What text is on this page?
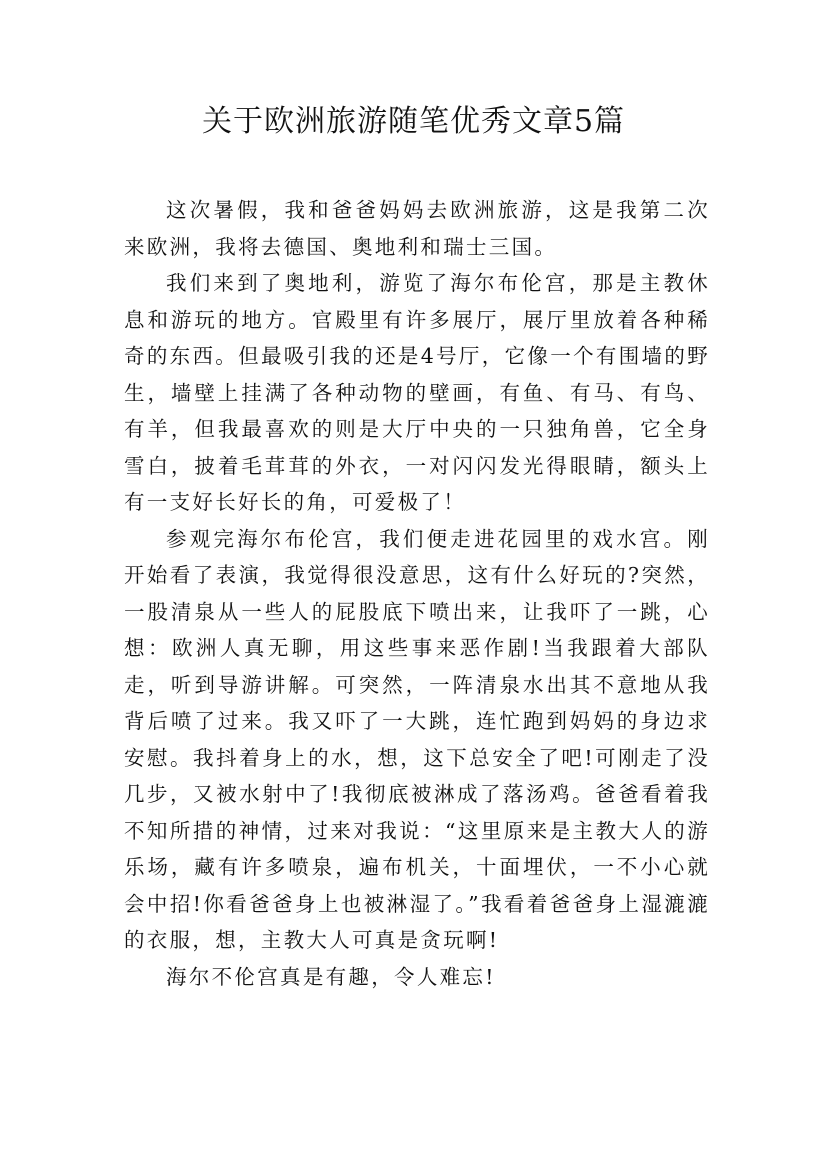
关于欧洲旅游随笔优秀文章5篇

这次暑假，我和爸爸妈妈去欧洲旅游，这是我第二次来欧洲，我将去德国、奥地利和瑞士三国。

我们来到了奥地利，游览了海尔布伦宫，那是主教休息和游玩的地方。官殿里有许多展厅，展厅里放着各种稀奇的东西。但最吸引我的还是4号厅，它像一个有围墙的野生，墙壁上挂满了各种动物的壁画，有鱼、有马、有鸟、有羊，但我最喜欢的则是大厅中央的一只独角兽，它全身雪白，披着毛茸茸的外衣，一对闪闪发光得眼睛，额头上有一支好长好长的角，可爱极了！

参观完海尔布伦宫，我们便走进花园里的戏水宫。刚开始看了表演，我觉得很没意思，这有什么好玩的?突然，一股清泉从一些人的屁股底下喷出来，让我吓了一跳，心想：欧洲人真无聊，用这些事来恶作剧!当我跟着大部队走，听到导游讲解。可突然，一阵清泉水出其不意地从我背后喷了过来。我又吓了一大跳，连忙跑到妈妈的身边求安慰。我抖着身上的水，想，这下总安全了吧!可刚走了没几步，又被水射中了!我彻底被淋成了落汤鸡。爸爸看着我不知所措的神情，过来对我说：“这里原来是主教大人的游乐场，藏有许多喷泉，遍布机关，十面埋伏，一不小心就会中招!你看爸爸身上也被淋湿了。”我看着爸爸身上湿漉漉的衣服，想，主教大人可真是贪玩啊!

海尔不伦宫真是有趣，令人难忘!
